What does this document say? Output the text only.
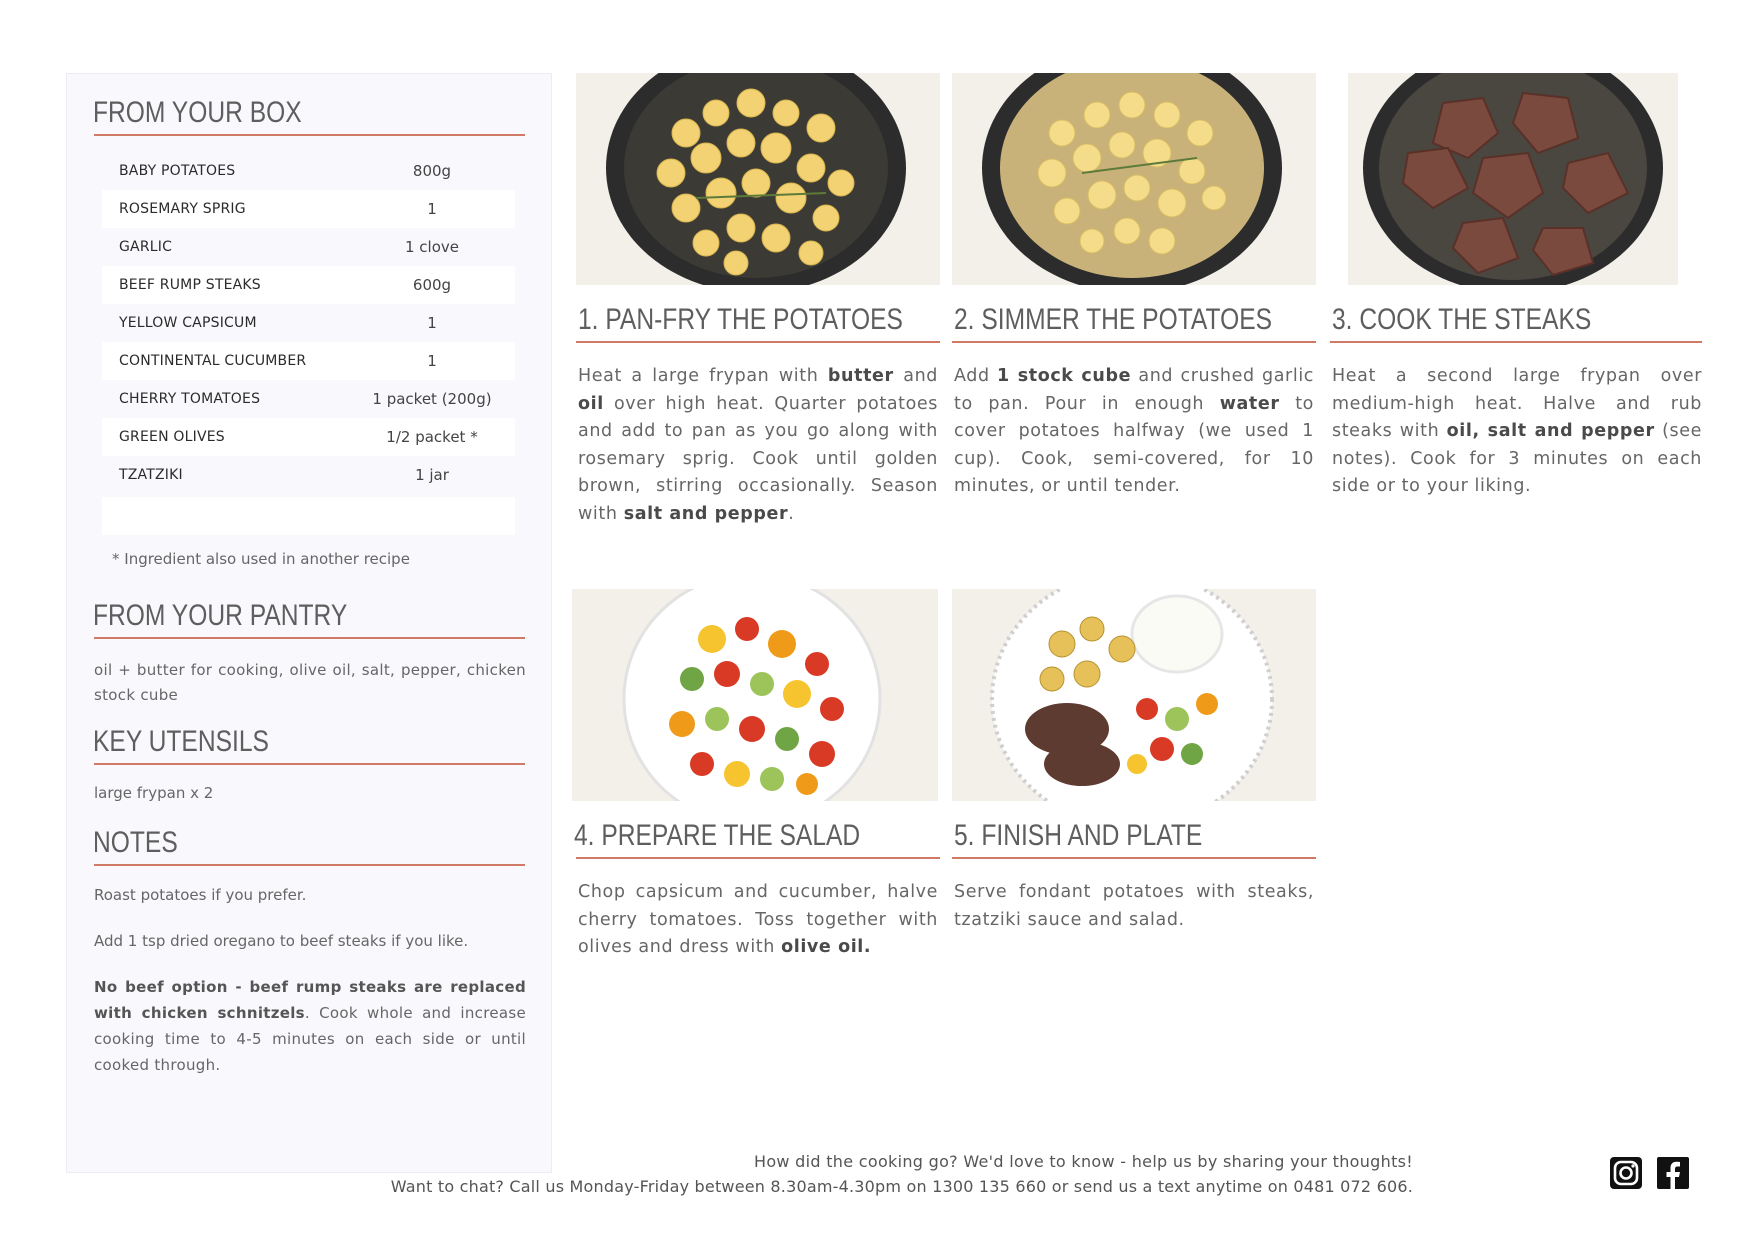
FROM YOUR BOX
BABY POTATOES	800g
ROSEMARY SPRIG	1
GARLIC	1 clove
BEEF RUMP STEAKS	600g
YELLOW CAPSICUM	1
CONTINENTAL CUCUMBER	1
CHERRY TOMATOES	1 packet (200g)
GREEN OLIVES	1/2 packet *
TZATZIKI	1 jar
* Ingredient also used in another recipe
FROM YOUR PANTRY
oil + butter for cooking, olive oil, salt, pepper, chicken stock cube
KEY UTENSILS
large frypan x 2
NOTES
Roast potatoes if you prefer.
Add 1 tsp dried oregano to beef steaks if you like.
No beef option - beef rump steaks are replaced with chicken schnitzels. Cook whole and increase cooking time to 4-5 minutes on each side or until cooked through.
1. PAN-FRY THE POTATOES
Heat a large frypan with butter and oil over high heat. Quarter potatoes and add to pan as you go along with rosemary sprig. Cook until golden brown, stirring occasionally. Season with salt and pepper.
2. SIMMER THE POTATOES
Add 1 stock cube and crushed garlic to pan. Pour in enough water to cover potatoes halfway (we used 1 cup). Cook, semi-covered, for 10 minutes, or until tender.
3. COOK THE STEAKS
Heat a second large frypan over medium-high heat. Halve and rub steaks with oil, salt and pepper (see notes). Cook for 3 minutes on each side or to your liking.
4. PREPARE THE SALAD
Chop capsicum and cucumber, halve cherry tomatoes. Toss together with olives and dress with olive oil.
5. FINISH AND PLATE
Serve fondant potatoes with steaks, tzatziki sauce and salad.
How did the cooking go? We'd love to know - help us by sharing your thoughts!
Want to chat? Call us Monday-Friday between 8.30am-4.30pm on 1300 135 660 or send us a text anytime on 0481 072 606.
